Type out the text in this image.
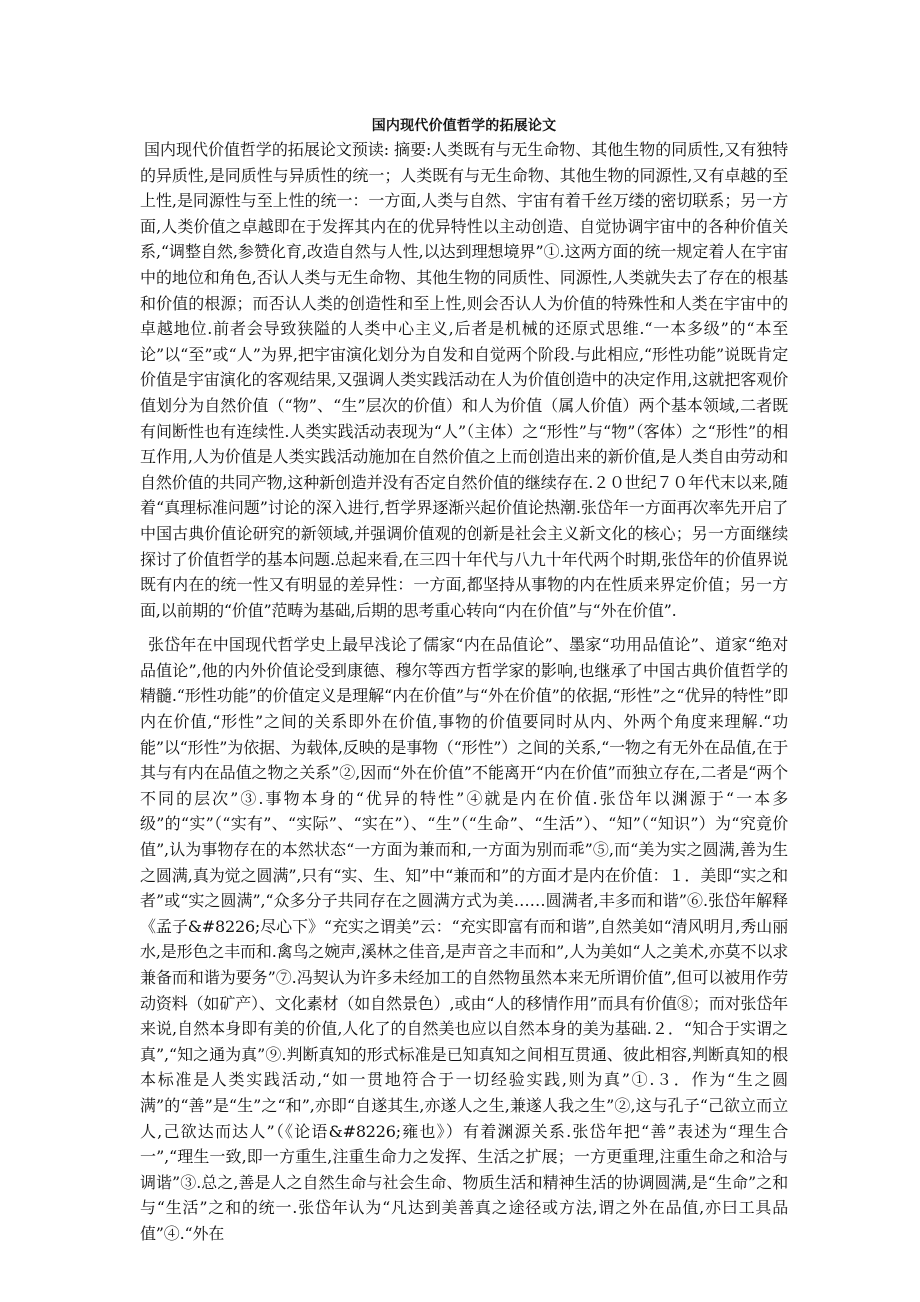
国内现代价值哲学的拓展论文

国内现代价值哲学的拓展论文预读: 摘要:人类既有与无生命物、其他生物的同质性,又有独特的异质性,是同质性与异质性的统一；人类既有与无生命物、其他生物的同源性,又有卓越的至上性,是同源性与至上性的统一：一方面,人类与自然、宇宙有着千丝万缕的密切联系；另一方面,人类价值之卓越即在于发挥其内在的优异特性以主动创造、自觉协调宇宙中的各种价值关系,“调整自然,参赞化育,改造自然与人性,以达到理想境界”①.这两方面的统一规定着人在宇宙中的地位和角色,否认人类与无生命物、其他生物的同质性、同源性,人类就失去了存在的根基和价值的根源；而否认人类的创造性和至上性,则会否认人为价值的特殊性和人类在宇宙中的卓越地位.前者会导致狭隘的人类中心主义,后者是机械的还原式思维.“一本多级”的“本至论”以“至”或“人”为界,把宇宙演化划分为自发和自觉两个阶段.与此相应,“形性功能”说既肯定价值是宇宙演化的客观结果,又强调人类实践活动在人为价值创造中的决定作用,这就把客观价值划分为自然价值（“物”、“生”层次的价值）和人为价值（属人价值）两个基本领域,二者既有间断性也有连续性.人类实践活动表现为“人”（主体）之“形性”与“物”（客体）之“形性”的相互作用,人为价值是人类实践活动施加在自然价值之上而创造出来的新价值,是人类自由劳动和自然价值的共同产物,这种新创造并没有否定自然价值的继续存在.２０世纪７０年代末以来,随着“真理标准问题”讨论的深入进行,哲学界逐渐兴起价值论热潮.张岱年一方面再次率先开启了中国古典价值论研究的新领域,并强调价值观的创新是社会主义新文化的核心；另一方面继续探讨了价值哲学的基本问题.总起来看,在三四十年代与八九十年代两个时期,张岱年的价值界说既有内在的统一性又有明显的差异性：一方面,都坚持从事物的内在性质来界定价值；另一方面,以前期的“价值”范畴为基础,后期的思考重心转向“内在价值”与“外在价值”.

张岱年在中国现代哲学史上最早浅论了儒家“内在品值论”、墨家“功用品值论”、道家“绝对品值论”,他的内外价值论受到康德、穆尔等西方哲学家的影响,也继承了中国古典价值哲学的精髓.“形性功能”的价值定义是理解“内在价值”与“外在价值”的依据,“形性”之“优异的特性”即内在价值,“形性”之间的关系即外在价值,事物的价值要同时从内、外两个角度来理解.“功能”以“形性”为依据、为载体,反映的是事物（“形性”）之间的关系,“一物之有无外在品值,在于其与有内在品值之物之关系”②,因而“外在价值”不能离开“内在价值”而独立存在,二者是“两个不同的层次”③.事物本身的“优异的特性”④就是内在价值.张岱年以渊源于“一本多级”的“实”（“实有”、“实际”、“实在”）、“生”（“生命”、“生活”）、“知”（“知识”）为“究竟价值”,认为事物存在的本然状态“一方面为兼而和,一方面为别而乖”⑤,而“美为实之圆满,善为生之圆满,真为觉之圆满”,只有“实、生、知”中“兼而和”的方面才是内在价值：１．美即“实之和者”或“实之圆满”,“众多分子共同存在之圆满方式为美……圆满者,丰多而和谐”⑥.张岱年解释《孟子&#8226;尽心下》“充实之谓美”云：“充实即富有而和谐”,自然美如“清风明月,秀山丽水,是形色之丰而和.禽鸟之婉声,溪林之佳音,是声音之丰而和”,人为美如“人之美术,亦莫不以求兼备而和谐为要务”⑦.冯契认为许多未经加工的自然物虽然本来无所谓价值”,但可以被用作劳动资料（如矿产）、文化素材（如自然景色）,或由“人的移情作用”而具有价值⑧；而对张岱年来说,自然本身即有美的价值,人化了的自然美也应以自然本身的美为基础.２．“知合于实谓之真”,“知之通为真”⑨.判断真知的形式标准是已知真知之间相互贯通、彼此相容,判断真知的根本标准是人类实践活动,“如一贯地符合于一切经验实践,则为真”①.３．作为“生之圆满”的“善”是“生”之“和”,亦即“自遂其生,亦遂人之生,兼遂人我之生”②,这与孔子“己欲立而立人,己欲达而达人”（《论语&#8226;雍也》）有着渊源关系.张岱年把“善”表述为“理生合一”,“理生一致,即一方重生,注重生命力之发挥、生活之扩展；一方更重理,注重生命之和洽与调谐”③.总之,善是人之自然生命与社会生命、物质生活和精神生活的协调圆满,是“生命”之和与“生活”之和的统一.张岱年认为“凡达到美善真之途径或方法,谓之外在品值,亦曰工具品值”④.“外在
